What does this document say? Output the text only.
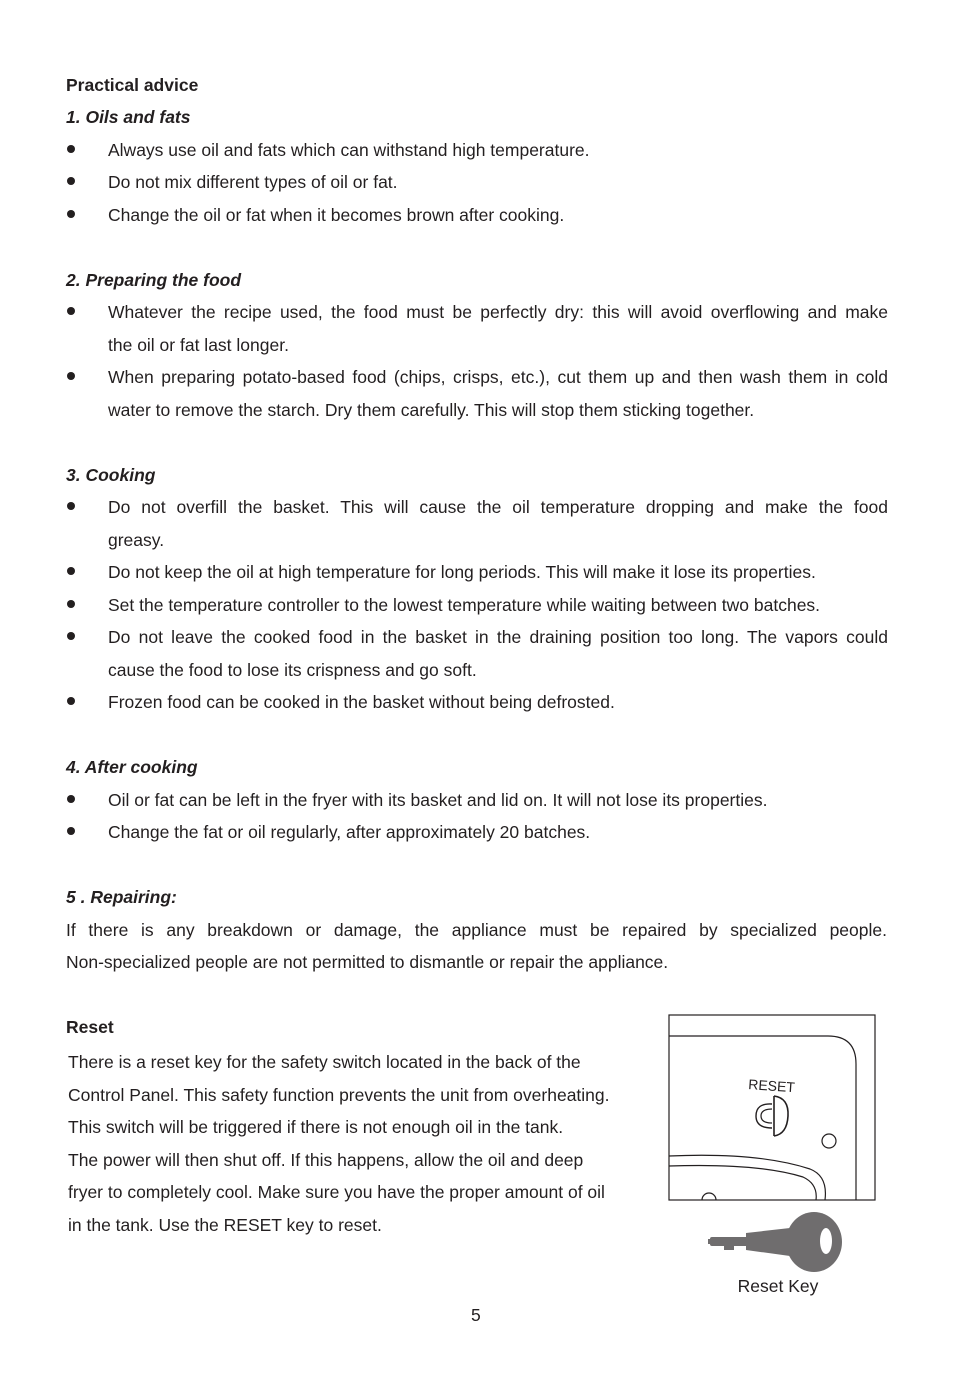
Practical advice
1. Oils and fats
Always use oil and fats which can withstand high temperature.
Do not mix different types of oil or fat.
Change the oil or fat when it becomes brown after cooking.
2. Preparing the food
Whatever the recipe used, the food must be perfectly dry: this will avoid overflowing and make
the oil or fat last longer.
When preparing potato-based food (chips, crisps, etc.), cut them up and then wash them in cold
water to remove the starch. Dry them carefully. This will stop them sticking together.
3. Cooking
Do not overfill the basket. This will cause the oil temperature dropping and make the food
greasy.
Do not keep the oil at high temperature for long periods. This will make it lose its properties.
Set the temperature controller to the lowest temperature while waiting between two batches.
Do not leave the cooked food in the basket in the draining position too long. The vapors could
cause the food to lose its crispness and go soft.
Frozen food can be cooked in the basket without being defrosted.
4. After cooking
Oil or fat can be left in the fryer with its basket and lid on. It will not lose its properties.
Change the fat or oil regularly, after approximately 20 batches.
5 . Repairing:
If there is any breakdown or damage, the appliance must be repaired by specialized people.
Non-specialized people are not permitted to dismantle or repair the appliance.
Reset
There is a reset key for the safety switch located in the back of the
Control Panel. This safety function prevents the unit from overheating.
This switch will be triggered if there is not enough oil in the tank.
The power will then shut off. If this happens, allow the oil and deep
fryer to completely cool. Make sure you have the proper amount of oil
in the tank. Use the RESET key to reset.
RESET
Reset Key
5
